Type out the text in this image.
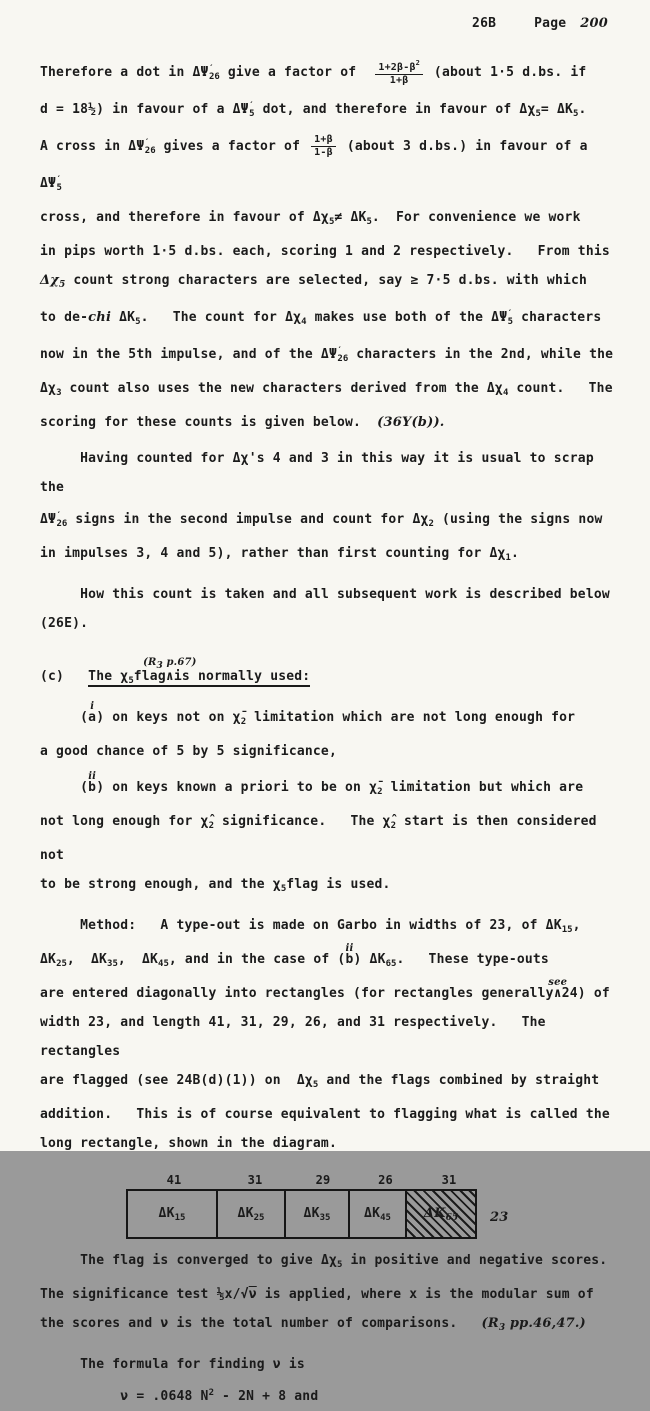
26B	Page 200
Therefore a dot in $\Delta\Psi'_{26}$ give a factor of $\frac{1+2\beta-\beta^2}{1+\beta}$ (about 1·5 d.bs. if
d = 18½) in favour of a $\Delta\Psi'_5$ dot, and therefore in favour of $\Delta\chi_5= \Delta K_5$.
A cross in $\Delta\Psi'_{26}$ gives a factor of $\frac{1+\beta}{1-\beta}$ (about 3 d.bs.) in favour of a  $\Delta\Psi'_5$
cross, and therefore in favour of $\Delta\chi_5\ne \Delta K_5$.  For convenience we work
in pips worth 1·5 d.bs. each, scoring 1 and 2 respectively.   From this
$\Delta\chi_5$ count strong characters are selected, say ≥ 7·5 d.bs. with which
to de-chi $\Delta K_5$.   The count for $\Delta\chi_4$ makes use both of the $\Delta\Psi'_5$ characters
now in the 5th impulse, and of the $\Delta\Psi'_{26}$ characters in the 2nd, while the
$\Delta\chi_3$ count also uses the new characters derived from the $\Delta\chi_4$ count.   The
scoring for these counts is given below.  (36Y(b)).
Having counted for Δχ's 4 and 3 in this way it is usual to scrap the
$\Delta\Psi'_{26}$ signs in the second impulse and count for $\Delta\chi_2$ (using the signs now
in impulses 3, 4 and 5), rather than first counting for $\Delta\chi_1$.
How this count is taken and all subsequent work is described below (26E).
(c)   The $\chi_5flag$
($R_3$ p.67)
∧is normally used:
(
i
a) on keys not on $\chī_2$ limitation which are not long enough for
a good chance of 5 by 5 significance,
(
ii
b) on keys known a priori to be on $\chī_2$ limitation but which are
not long enough for $\chî_2$ significance.   The $\chî_2$ start is then considered not
to be strong enough, and the $\chi_5flag$ is used.
Method:   A type-out is made on Garbo in widths of 23, of $\Delta K_{15}$,
$\Delta K_{25}$,  $\Delta K_{35}$,  $\Delta K_{45}$, and in the case of (
ii
b) $\Delta K_{65}$.   These type-outs
are entered diagonally into rectangles (for rectangles generally
see
∧24) of
width 23, and length 41, 31, 29, 26, and 31 respectively.   The rectangles
are flagged (see 24B(d)(1)) on  $\Delta\chi_5$ and the flags combined by straight
addition.   This is of course equivalent to flagging what is called the
long rectangle, shown in the diagram.
41	31	29	26	31
$\Delta K_{15}$	$\Delta K_{25}$	$\Delta K_{35}$	$\Delta K_{45}$	$\Delta K_{65}$ 23
The flag is converged to give $\Delta\chi_5$ in positive and negative scores.
The significance test ⅕x/√ν is applied, where x is the modular sum of
the scores and ν is the total number of comparisons.   ($R_3$ pp.46,47.)
The formula for finding ν is
ν = .0648 $N^2 - 2N + 8$ and
